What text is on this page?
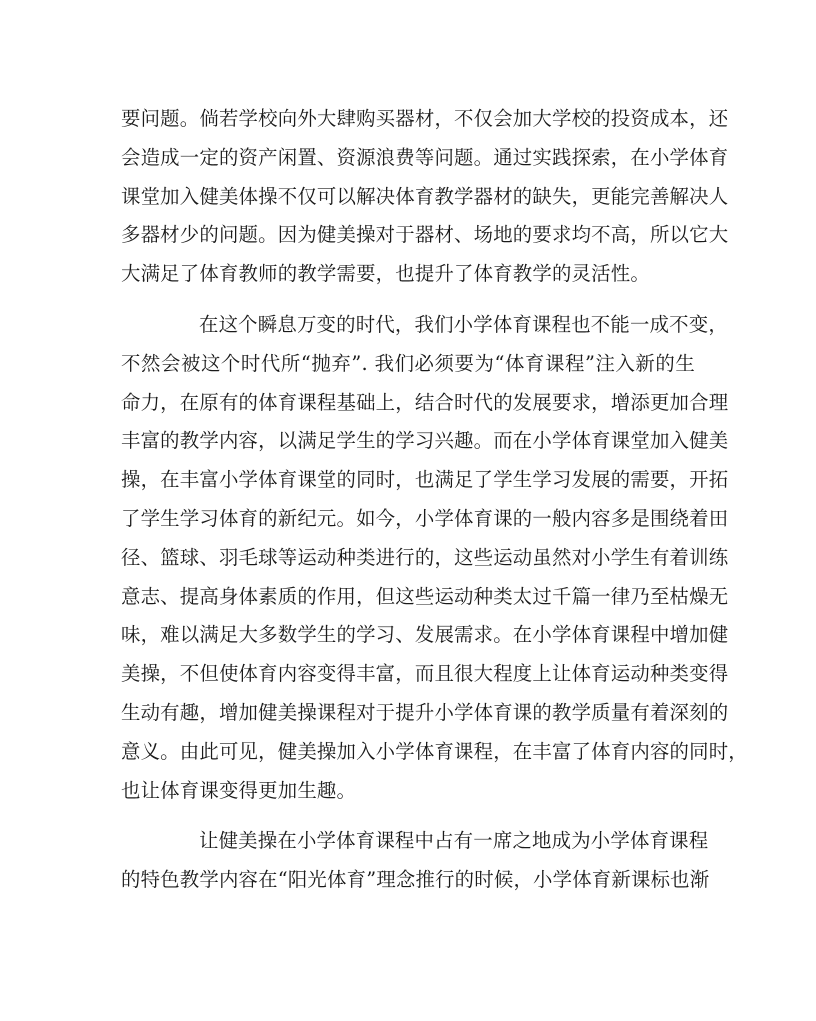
要问题。倘若学校向外大肆购买器材，不仅会加大学校的投资成本，还
会造成一定的资产闲置、资源浪费等问题。通过实践探索，在小学体育
课堂加入健美体操不仅可以解决体育教学器材的缺失，更能完善解决人
多器材少的问题。因为健美操对于器材、场地的要求均不高，所以它大
大满足了体育教师的教学需要，也提升了体育教学的灵活性。
在这个瞬息万变的时代，我们小学体育课程也不能一成不变，
不然会被这个时代所“抛弃”. 我们必须要为“体育课程”注入新的生
命力，在原有的体育课程基础上，结合时代的发展要求，增添更加合理
丰富的教学内容，以满足学生的学习兴趣。而在小学体育课堂加入健美
操，在丰富小学体育课堂的同时，也满足了学生学习发展的需要，开拓
了学生学习体育的新纪元。如今，小学体育课的一般内容多是围绕着田
径、篮球、羽毛球等运动种类进行的，这些运动虽然对小学生有着训练
意志、提高身体素质的作用，但这些运动种类太过千篇一律乃至枯燥无
味，难以满足大多数学生的学习、发展需求。在小学体育课程中增加健
美操，不但使体育内容变得丰富，而且很大程度上让体育运动种类变得
生动有趣，增加健美操课程对于提升小学体育课的教学质量有着深刻的
意义。由此可见，健美操加入小学体育课程，在丰富了体育内容的同时，
也让体育课变得更加生趣。
让健美操在小学体育课程中占有一席之地成为小学体育课程
的特色教学内容在“阳光体育”理念推行的时候，小学体育新课标也渐
